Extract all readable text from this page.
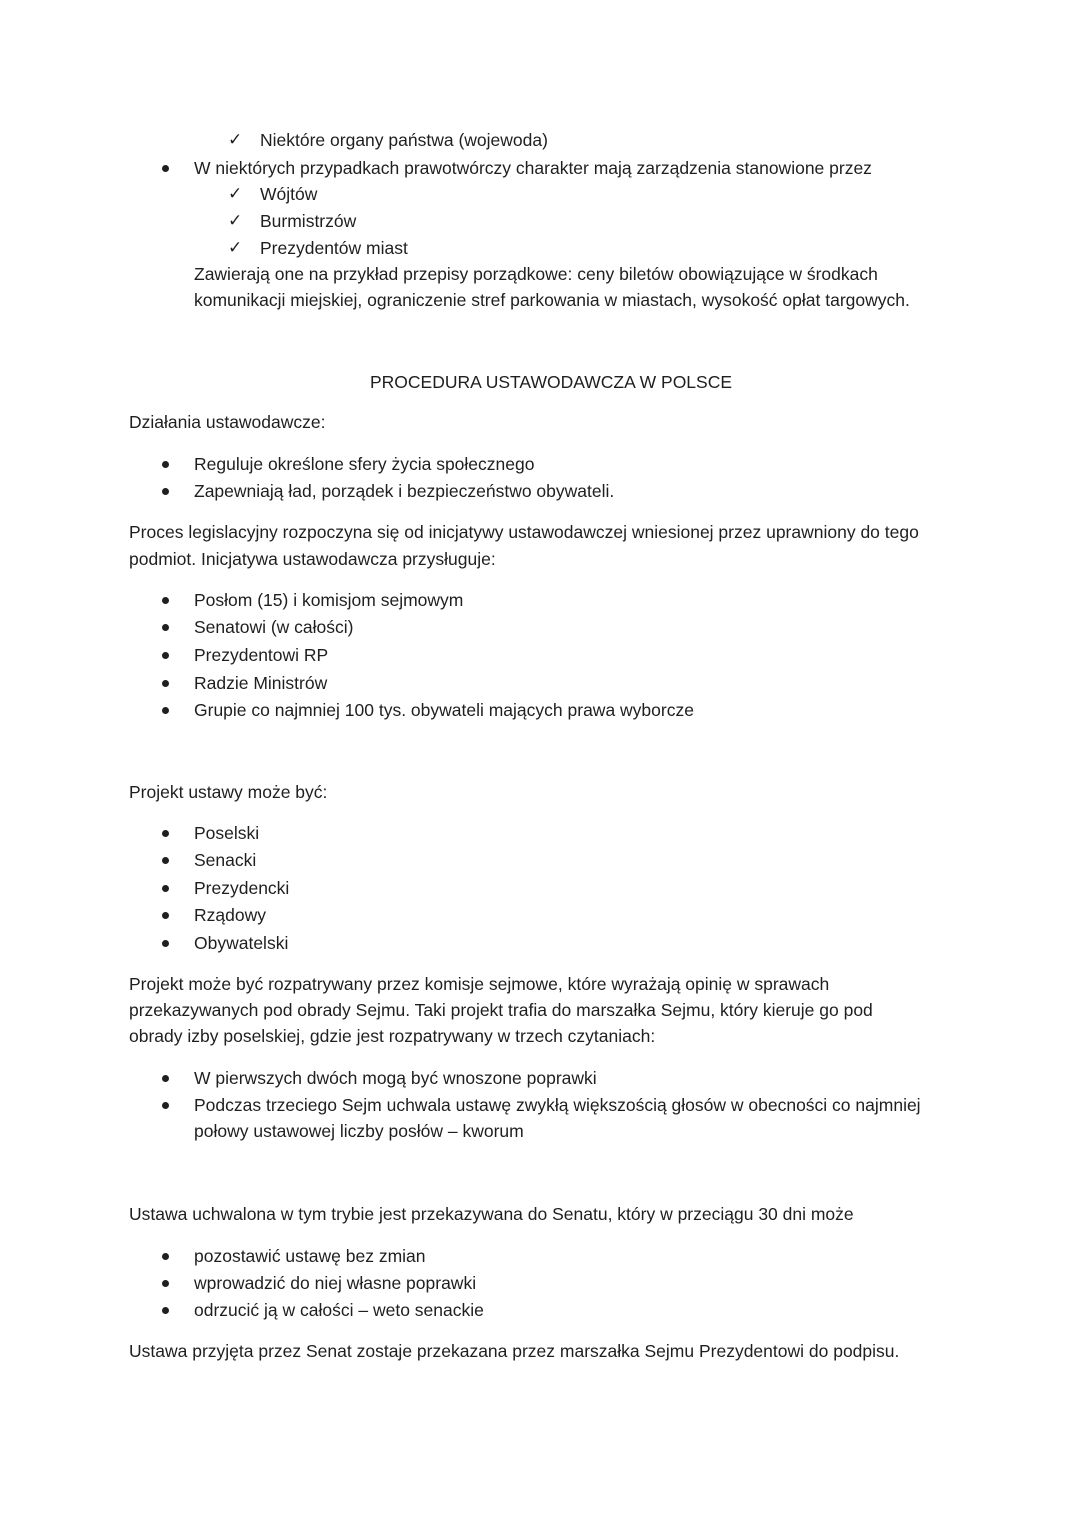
✓ Niektóre organy państwa (wojewoda)
W niektórych przypadkach prawotwórczy charakter mają zarządzenia stanowione przez
✓ Wójtów
✓ Burmistrzów
✓ Prezydentów miast
Zawierają one na przykład przepisy porządkowe: ceny biletów obowiązujące w środkach
komunikacji miejskiej, ograniczenie stref parkowania w miastach, wysokość opłat targowych.
PROCEDURA USTAWODAWCZA W POLSCE
Działania ustawodawcze:
Reguluje określone sfery życia społecznego
Zapewniają ład, porządek i bezpieczeństwo obywateli.
Proces legislacyjny rozpoczyna się od inicjatywy ustawodawczej wniesionej przez uprawniony do tego
podmiot. Inicjatywa ustawodawcza przysługuje:
Posłom (15) i komisjom sejmowym
Senatowi (w całości)
Prezydentowi RP
Radzie Ministrów
Grupie co najmniej 100 tys. obywateli mających prawa wyborcze
Projekt ustawy może być:
Poselski
Senacki
Prezydencki
Rządowy
Obywatelski
Projekt może być rozpatrywany przez komisje sejmowe, które wyrażają opinię w sprawach
przekazywanych pod obrady Sejmu. Taki projekt trafia do marszałka Sejmu, który kieruje go pod
obrady izby poselskiej, gdzie jest rozpatrywany w trzech czytaniach:
W pierwszych dwóch mogą być wnoszone poprawki
Podczas trzeciego Sejm uchwala ustawę zwykłą większością głosów w obecności co najmniej
połowy ustawowej liczby posłów – kworum
Ustawa uchwalona w tym trybie jest przekazywana do Senatu, który w przeciągu 30 dni może
pozostawić ustawę bez zmian
wprowadzić do niej własne poprawki
odrzucić ją w całości – weto senackie
Ustawa przyjęta przez Senat zostaje przekazana przez marszałka Sejmu Prezydentowi do podpisu.
